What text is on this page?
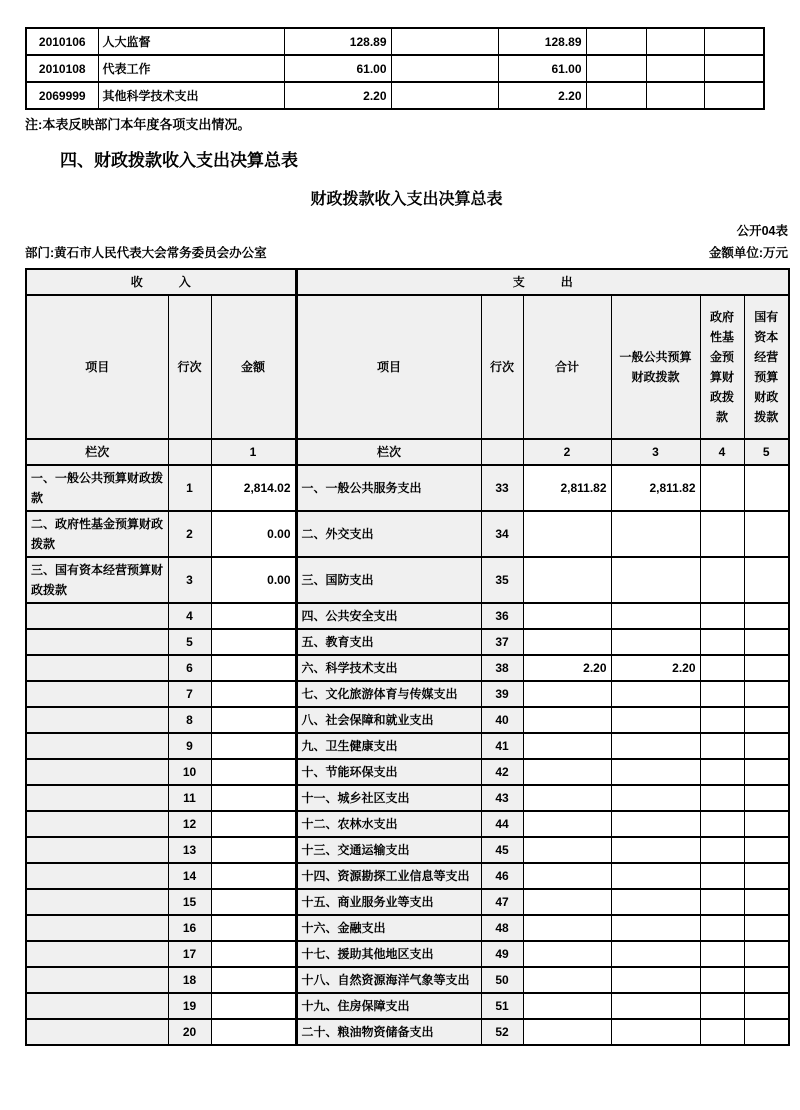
2010106	人大监督	128.89		128.89			
2010108	代表工作	61.00		61.00			
2069999	其他科学技术支出	2.20		2.20			

注:本表反映部门本年度各项支出情况。

四、财政拨款收入支出决算总表
财政拨款收入支出决算总表
公开04表
部门:黄石市人民代表大会常务委员会办公室	金额单位:万元
收　　　入			支　　　出					
项目	行次	金额	项目	行次	合计	一般公共预算财政拨款	政府性基金预算财政拨款	国有资本经营预算财政拨款
栏次		1	栏次		2	3	4	5
一、一般公共预算财政拨款	1	2,814.02	一、一般公共服务支出	33	2,811.82	2,811.82		
二、政府性基金预算财政拨款	2	0.00	二、外交支出	34				
三、国有资本经营预算财政拨款	3	0.00	三、国防支出	35				
	4		四、公共安全支出	36				
	5		五、教育支出	37				
	6		六、科学技术支出	38	2.20	2.20		
	7		七、文化旅游体育与传媒支出	39				
	8		八、社会保障和就业支出	40				
	9		九、卫生健康支出	41				
	10		十、节能环保支出	42				
	11		十一、城乡社区支出	43				
	12		十二、农林水支出	44				
	13		十三、交通运输支出	45				
	14		十四、资源勘探工业信息等支出	46				
	15		十五、商业服务业等支出	47				
	16		十六、金融支出	48				
	17		十七、援助其他地区支出	49				
	18		十八、自然资源海洋气象等支出	50				
	19		十九、住房保障支出	51				
	20		二十、粮油物资储备支出	52				
